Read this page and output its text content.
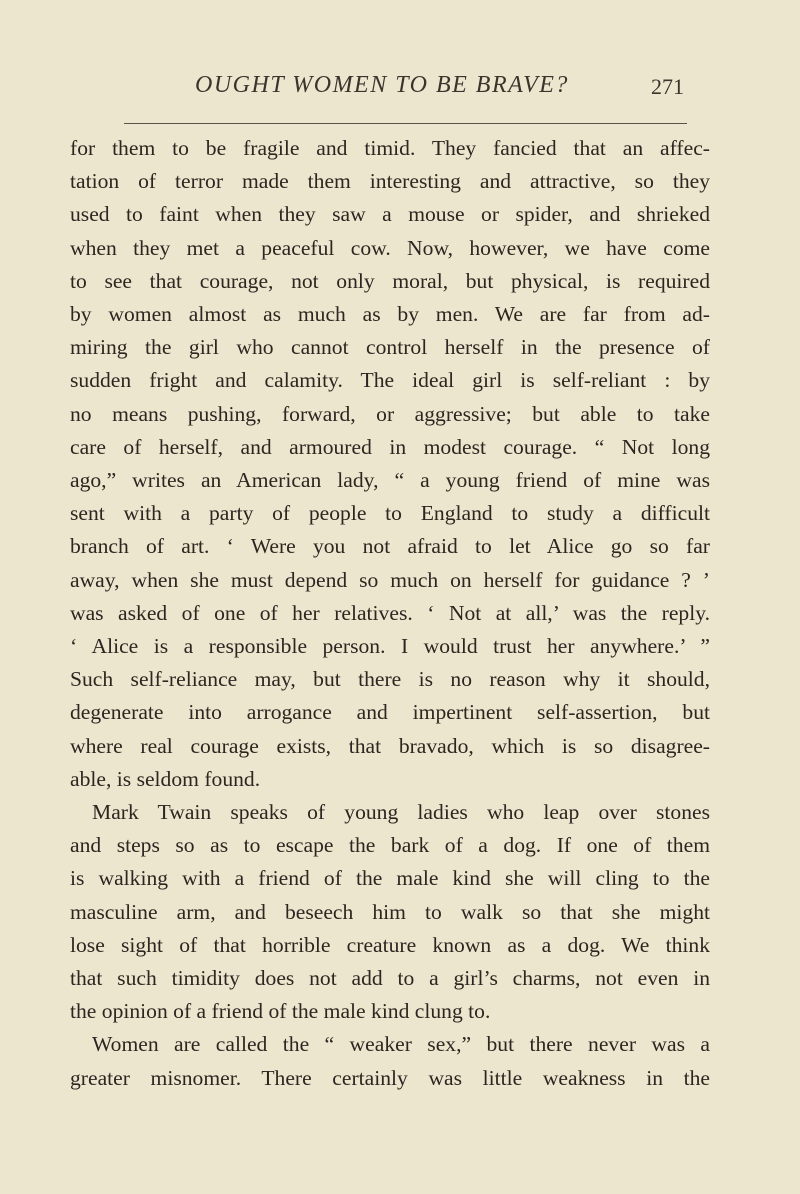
OUGHT WOMEN TO BE BRAVE?	271

for them to be fragile and timid. They fancied that an affec-
tation of terror made them interesting and attractive, so they
used to faint when they saw a mouse or spider, and shrieked
when they met a peaceful cow. Now, however, we have come
to see that courage, not only moral, but physical, is required
by women almost as much as by men. We are far from ad-
miring the girl who cannot control herself in the presence of
sudden fright and calamity. The ideal girl is self-reliant : by
no means pushing, forward, or aggressive; but able to take
care of herself, and armoured in modest courage. “ Not long
ago,” writes an American lady, “ a young friend of mine was
sent with a party of people to England to study a difficult
branch of art. ‘ Were you not afraid to let Alice go so far
away, when she must depend so much on herself for guidance ? ’
was asked of one of her relatives. ‘ Not at all,’ was the reply.
‘ Alice is a responsible person. I would trust her anywhere.’ ”
Such self-reliance may, but there is no reason why it should,
degenerate into arrogance and impertinent self-assertion, but
where real courage exists, that bravado, which is so disagree-
able, is seldom found.

Mark Twain speaks of young ladies who leap over stones
and steps so as to escape the bark of a dog. If one of them
is walking with a friend of the male kind she will cling to the
masculine arm, and beseech him to walk so that she might
lose sight of that horrible creature known as a dog. We think
that such timidity does not add to a girl’s charms, not even in
the opinion of a friend of the male kind clung to.

Women are called the “ weaker sex,” but there never was a
greater misnomer. There certainly was little weakness in the
